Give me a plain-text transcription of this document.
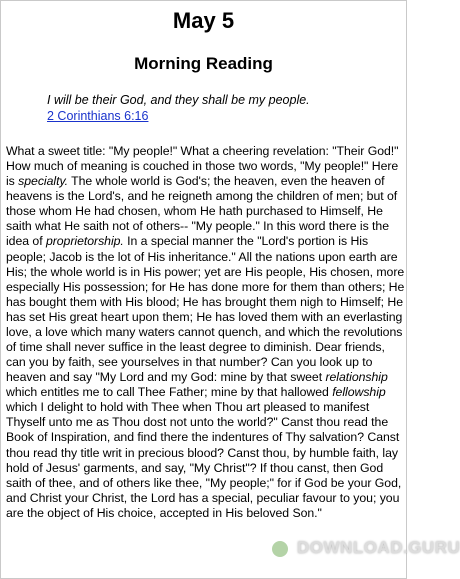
May 5
Morning Reading
I will be their God, and they shall be my people.
2 Corinthians 6:16

What a sweet title: "My people!" What a cheering revelation: "Their God!" How much of meaning is couched in those two words, "My people!" Here is specialty. The whole world is God's; the heaven, even the heaven of heavens is the Lord's, and he reigneth among the children of men; but of those whom He had chosen, whom He hath purchased to Himself, He saith what He saith not of others-- "My people." In this word there is the idea of proprietorship. In a special manner the "Lord's portion is His people; Jacob is the lot of His inheritance." All the nations upon earth are His; the whole world is in His power; yet are His people, His chosen, more especially His possession; for He has done more for them than others; He has bought them with His blood; He has brought them nigh to Himself; He has set His great heart upon them; He has loved them with an everlasting love, a love which many waters cannot quench, and which the revolutions of time shall never suffice in the least degree to diminish. Dear friends, can you by faith, see yourselves in that number? Can you look up to heaven and say "My Lord and my God: mine by that sweet relationship which entitles me to call Thee Father; mine by that hallowed fellowship which I delight to hold with Thee when Thou art pleased to manifest Thyself unto me as Thou dost not unto the world?" Canst thou read the Book of Inspiration, and find there the indentures of Thy salvation? Canst thou read thy title writ in precious blood? Canst thou, by humble faith, lay hold of Jesus' garments, and say, "My Christ"? If thou canst, then God saith of thee, and of others like thee, "My people;" for if God be your God, and Christ your Christ, the Lord has a special, peculiar favour to you; you are the object of His choice, accepted in His beloved Son."

DOWNLOAD.GURU
